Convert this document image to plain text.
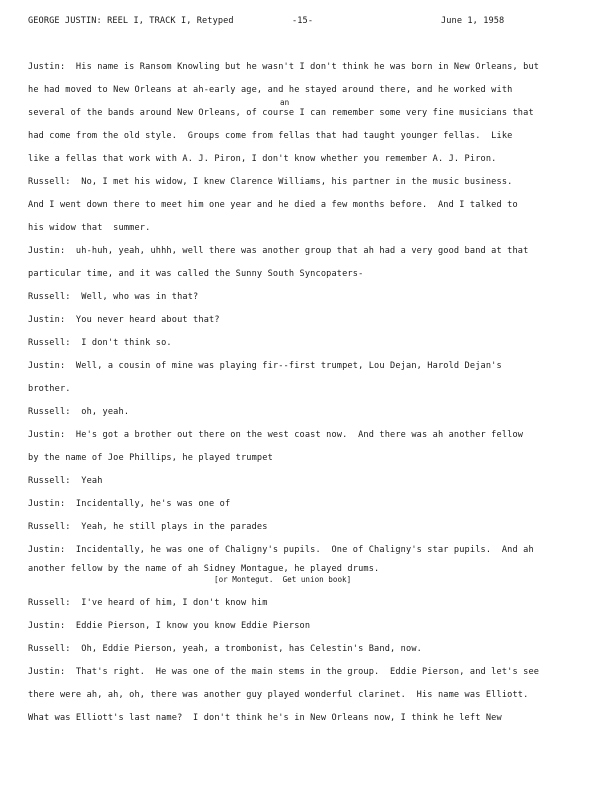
GEORGE JUSTIN: REEL I, TRACK I, Retyped	-15-	June 1, 1958
Justin:  His name is Ransom Knowling but he wasn't I don't think he was born in New Orleans, but
he had moved to New Orleans at ah-early age, and he stayed around there, and he worked with
an
several of the bands around New Orleans, of course I can remember some very fine musicians that
had come from the old style.  Groups come from fellas that had taught younger fellas.  Like
like a fellas that work with A. J. Piron, I don't know whether you remember A. J. Piron.
Russell:  No, I met his widow, I knew Clarence Williams, his partner in the music business.
And I went down there to meet him one year and he died a few months before.  And I talked to
his widow that  summer.
Justin:  uh-huh, yeah, uhhh, well there was another group that ah had a very good band at that
particular time, and it was called the Sunny South Syncopaters-
Russell:  Well, who was in that?
Justin:  You never heard about that?
Russell:  I don't think so.
Justin:  Well, a cousin of mine was playing fir--first trumpet, Lou Dejan, Harold Dejan's
brother.
Russell:  oh, yeah.
Justin:  He's got a brother out there on the west coast now.  And there was ah another fellow
by the name of Joe Phillips, he played trumpet
Russell:  Yeah
Justin:  Incidentally, he's was one of
Russell:  Yeah, he still plays in the parades
Justin:  Incidentally, he was one of Chaligny's pupils.  One of Chaligny's star pupils.  And ah
another fellow by the name of ah Sidney Montague, he played drums.
[or Montegut.  Get union book]
Russell:  I've heard of him, I don't know him
Justin:  Eddie Pierson, I know you know Eddie Pierson
Russell:  Oh, Eddie Pierson, yeah, a trombonist, has Celestin's Band, now.
Justin:  That's right.  He was one of the main stems in the group.  Eddie Pierson, and let's see
there were ah, ah, oh, there was another guy played wonderful clarinet.  His name was Elliott.
What was Elliott's last name?  I don't think he's in New Orleans now, I think he left New
